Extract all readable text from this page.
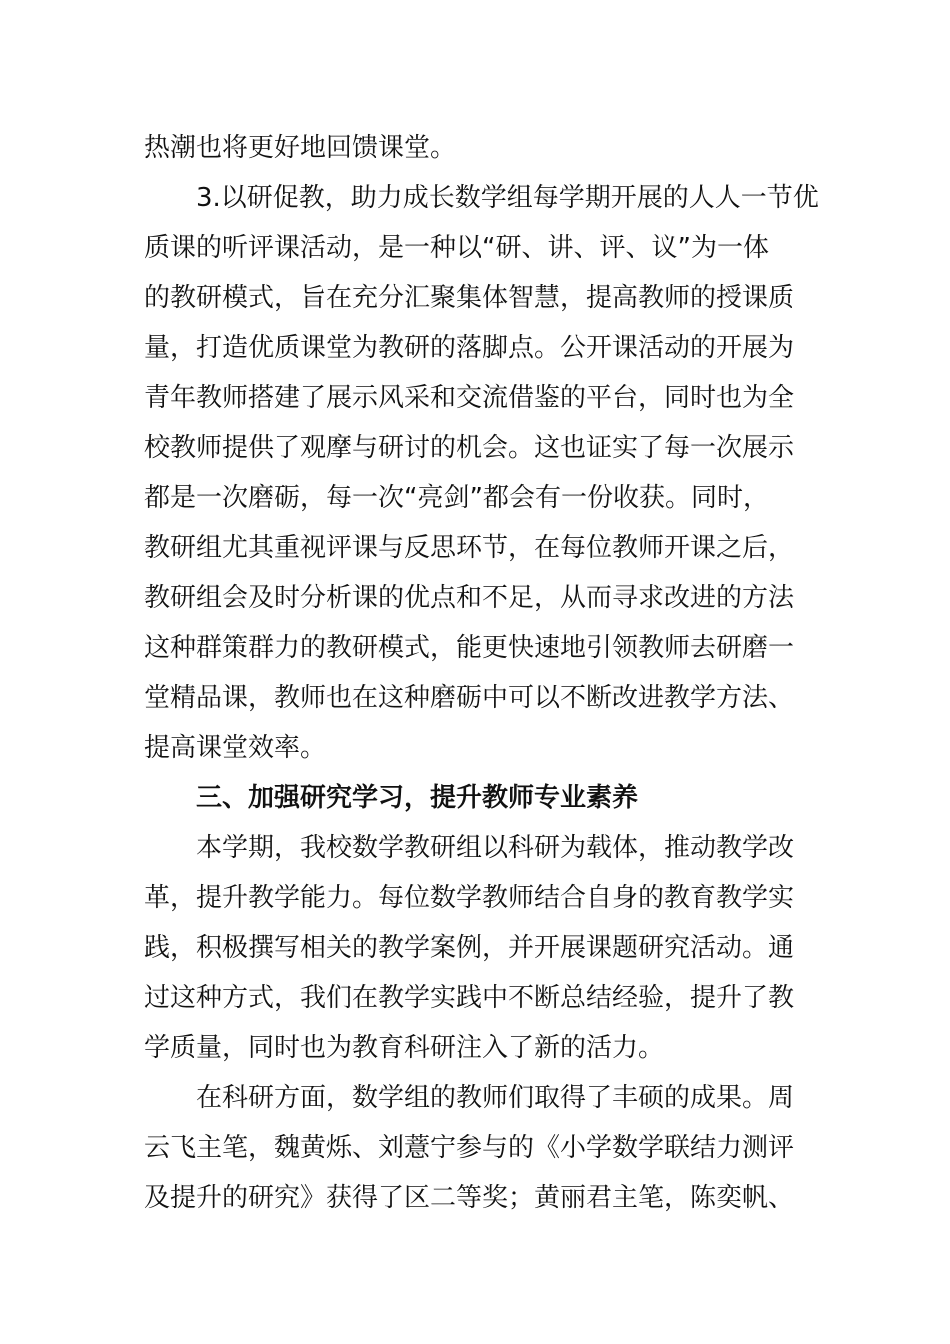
热潮也将更好地回馈课堂。
3.以研促教，助力成长数学组每学期开展的人人一节优
质课的听评课活动，是一种以“研、讲、评、议”为一体
的教研模式，旨在充分汇聚集体智慧，提高教师的授课质
量，打造优质课堂为教研的落脚点。公开课活动的开展为
青年教师搭建了展示风采和交流借鉴的平台，同时也为全
校教师提供了观摩与研讨的机会。这也证实了每一次展示
都是一次磨砺，每一次“亮剑”都会有一份收获。同时，
教研组尤其重视评课与反思环节，在每位教师开课之后，
教研组会及时分析课的优点和不足，从而寻求改进的方法
这种群策群力的教研模式，能更快速地引领教师去研磨一
堂精品课，教师也在这种磨砺中可以不断改进教学方法、
提高课堂效率。
三、加强研究学习，提升教师专业素养
本学期，我校数学教研组以科研为载体，推动教学改
革，提升教学能力。每位数学教师结合自身的教育教学实
践，积极撰写相关的教学案例，并开展课题研究活动。通
过这种方式，我们在教学实践中不断总结经验，提升了教
学质量，同时也为教育科研注入了新的活力。
在科研方面，数学组的教师们取得了丰硕的成果。周
云飞主笔，魏黄烁、刘薏宁参与的《小学数学联结力测评
及提升的研究》获得了区二等奖；黄丽君主笔，陈奕帆、
